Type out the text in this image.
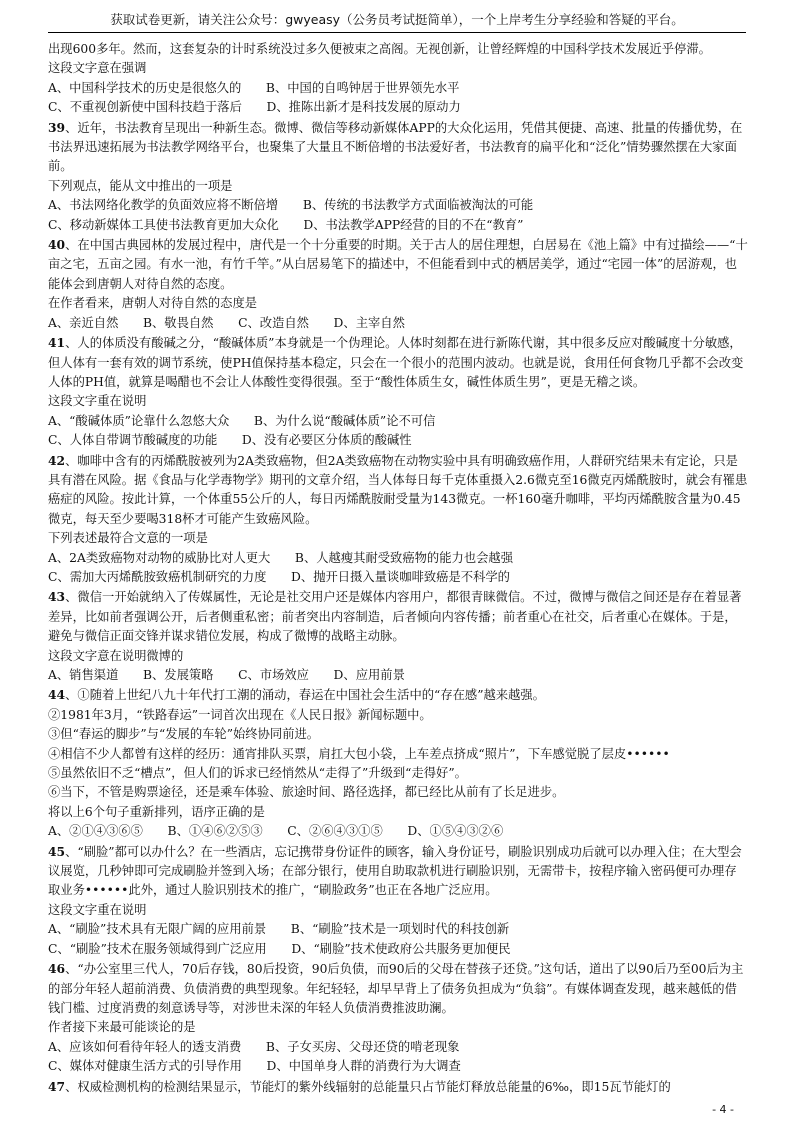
获取试卷更新，请关注公众号：gwyeasy（公务员考试挺简单），一个上岸考生分享经验和答疑的平台。

出现600多年。然而，这套复杂的计时系统没过多久便被束之高阁。无视创新，让曾经辉煌的中国科学技术发展近乎停滞。

这段文字意在强调

A、中国科学技术的历史是很悠久的　　B、中国的自鸣钟居于世界领先水平

C、不重视创新使中国科技趋于落后　　D、推陈出新才是科技发展的原动力

39、近年，书法教育呈现出一种新生态。微博、微信等移动新媒体APP的大众化运用，凭借其便捷、高速、批量的传播优势，在书法界迅速拓展为书法教学网络平台，也聚集了大量且不断倍增的书法爱好者，书法教育的扁平化和“泛化”情势骤然摆在大家面前。

下列观点，能从文中推出的一项是

A、书法网络化教学的负面效应将不断倍增　　B、传统的书法教学方式面临被淘汰的可能

C、移动新媒体工具使书法教育更加大众化　　D、书法教学APP经营的目的不在“教育”

40、在中国古典园林的发展过程中，唐代是一个十分重要的时期。关于古人的居住理想，白居易在《池上篇》中有过描绘——“十亩之宅，五亩之园。有水一池，有竹千竿。”从白居易笔下的描述中，不但能看到中式的栖居美学，通过“宅园一体”的居游观，也能体会到唐朝人对待自然的态度。

在作者看来，唐朝人对待自然的态度是

A、亲近自然　　B、敬畏自然　　C、改造自然　　D、主宰自然

41、人的体质没有酸碱之分，“酸碱体质”本身就是一个伪理论。人体时刻都在进行新陈代谢，其中很多反应对酸碱度十分敏感，但人体有一套有效的调节系统，使PH值保持基本稳定，只会在一个很小的范围内波动。也就是说，食用任何食物几乎都不会改变人体的PH值，就算是喝醋也不会让人体酸性变得很强。至于“酸性体质生女，碱性体质生男”，更是无稽之谈。

这段文字重在说明

A、“酸碱体质”论靠什么忽悠大众　　B、为什么说“酸碱体质”论不可信

C、人体自带调节酸碱度的功能　　D、没有必要区分体质的酸碱性

42、咖啡中含有的丙烯酰胺被列为2A类致癌物，但2A类致癌物在动物实验中具有明确致癌作用，人群研究结果未有定论，只是具有潜在风险。据《食品与化学毒物学》期刊的文章介绍，当人体每日每千克体重摄入2.6微克至16微克丙烯酰胺时，就会有罹患癌症的风险。按此计算，一个体重55公斤的人，每日丙烯酰胺耐受量为143微克。一杯160毫升咖啡，平均丙烯酰胺含量为0.45微克，每天至少要喝318杯才可能产生致癌风险。

下列表述最符合文意的一项是

A、2A类致癌物对动物的威胁比对人更大　　B、人越瘦其耐受致癌物的能力也会越强

C、需加大丙烯酰胺致癌机制研究的力度　　D、抛开日摄入量谈咖啡致癌是不科学的

43、微信一开始就纳入了传媒属性，无论是社交用户还是媒体内容用户，都很青睐微信。不过，微博与微信之间还是存在着显著差异，比如前者强调公开，后者侧重私密；前者突出内容制造，后者倾向内容传播；前者重心在社交，后者重心在媒体。于是，避免与微信正面交锋并谋求错位发展，构成了微博的战略主动脉。

这段文字意在说明微博的

A、销售渠道　　B、发展策略　　C、市场效应　　D、应用前景

44、①随着上世纪八九十年代打工潮的涌动，春运在中国社会生活中的“存在感”越来越强。

②1981年3月，“铁路春运”一词首次出现在《人民日报》新闻标题中。

③但“春运的脚步”与“发展的车轮”始终协同前进。

④相信不少人都曾有这样的经历：通宵排队买票，肩扛大包小袋，上车差点挤成“照片”，下车感觉脱了层皮••••••

⑤虽然依旧不乏“槽点”，但人们的诉求已经悄然从“走得了”升级到“走得好”。

⑥当下，不管是购票途径，还是乘车体验、旅途时间、路径选择，都已经比从前有了长足进步。

将以上6个句子重新排列，语序正确的是

A、②①④③⑥⑤　　B、①④⑥②⑤③　　C、②⑥④③①⑤　　D、①⑤④③②⑥

45、“刷脸”都可以办什么？在一些酒店，忘记携带身份证件的顾客，输入身份证号，刷脸识别成功后就可以办理入住；在大型会议展览，几秒钟即可完成刷脸并签到入场；在部分银行，使用自助取款机进行刷脸识别，无需带卡，按程序输入密码便可办理存取业务••••••此外，通过人脸识别技术的推广，“刷脸政务”也正在各地广泛应用。

这段文字重在说明

A、“刷脸”技术具有无限广阔的应用前景　　B、“刷脸”技术是一项划时代的科技创新

C、“刷脸”技术在服务领域得到广泛应用　　D、“刷脸”技术使政府公共服务更加便民

46、“办公室里三代人，70后存钱，80后投资，90后负债，而90后的父母在替孩子还贷。”这句话，道出了以90后乃至00后为主的部分年轻人超前消费、负债消费的典型现象。年纪轻轻，却早早背上了债务负担成为“负翁”。有媒体调查发现，越来越低的借钱门槛、过度消费的刻意诱导等，对涉世未深的年轻人负债消费推波助澜。

作者接下来最可能谈论的是

A、应该如何看待年轻人的透支消费　　B、子女买房、父母还贷的啃老现象

C、媒体对健康生活方式的引导作用　　D、中国单身人群的消费行为大调查

47、权威检测机构的检测结果显示，节能灯的紫外线辐射的总能量只占节能灯释放总能量的6‰，即15瓦节能灯的

- 4 -
